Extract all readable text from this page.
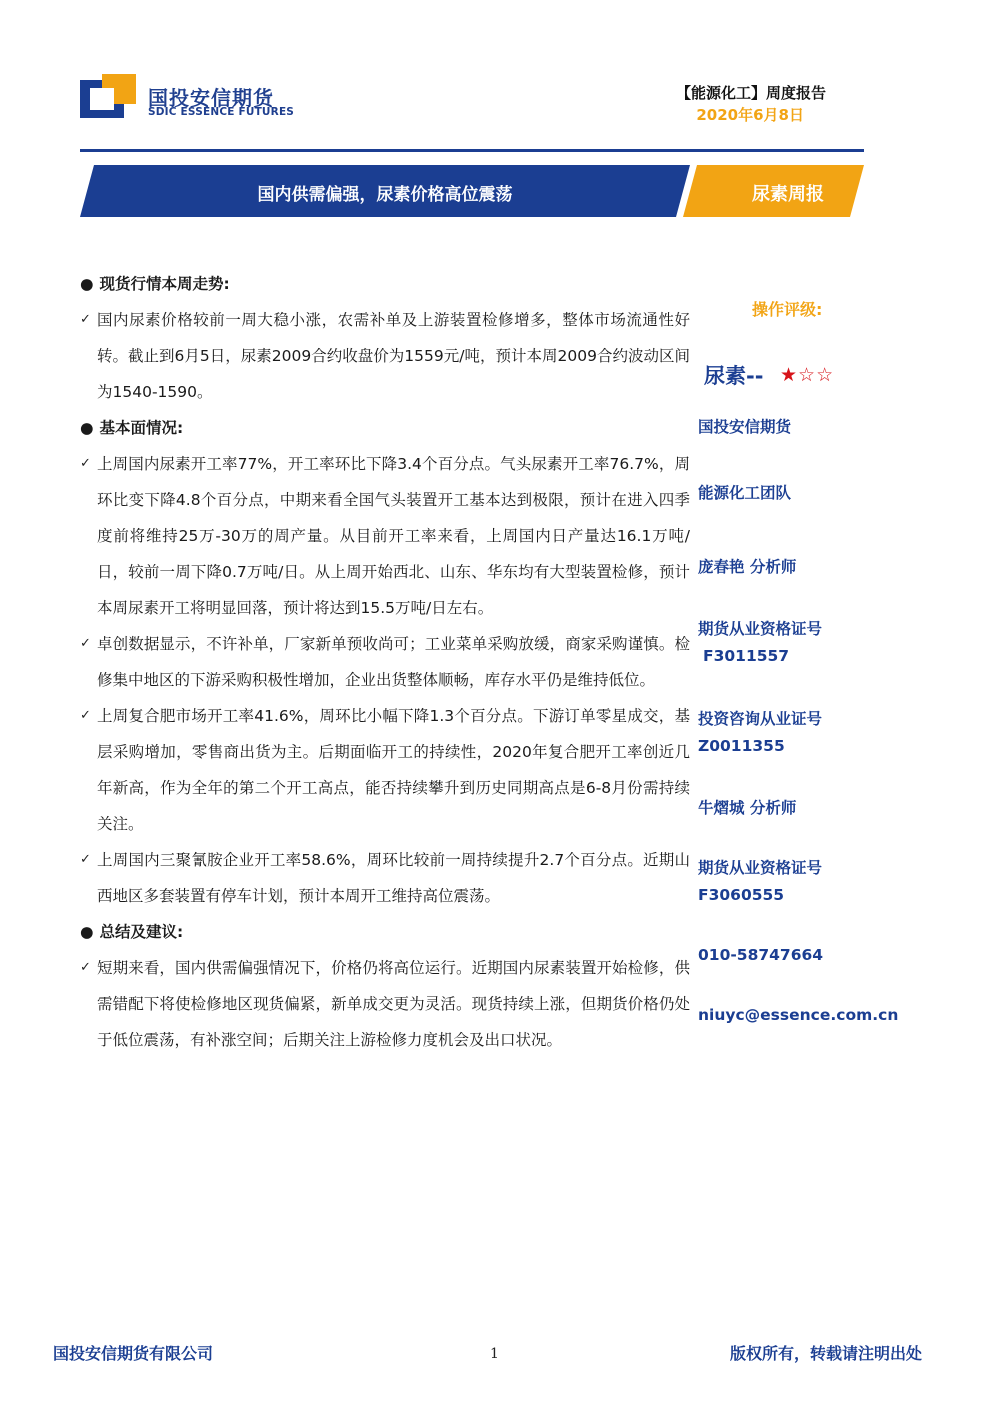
国投安信期货
SDIC ESSENCE FUTURES
【能源化工】周度报告
2020年6月8日
国内供需偏强，尿素价格高位震荡	尿素周报

● 现货行情本周走势:

✓ 国内尿素价格较前一周大稳小涨，农需补单及上游装置检修增多，整体市场流通性好转。截止到6月5日，尿素2009合约收盘价为1559元/吨，预计本周2009合约波动区间为1540-1590。

● 基本面情况:

✓ 上周国内尿素开工率77%，开工率环比下降3.4个百分点。气头尿素开工率76.7%，周环比变下降4.8个百分点，中期来看全国气头装置开工基本达到极限，预计在进入四季度前将维持25万-30万的周产量。从目前开工率来看，上周国内日产量达16.1万吨/日，较前一周下降0.7万吨/日。从上周开始西北、山东、华东均有大型装置检修，预计本周尿素开工将明显回落，预计将达到15.5万吨/日左右。

✓ 卓创数据显示，不许补单，厂家新单预收尚可；工业菜单采购放缓，商家采购谨慎。检修集中地区的下游采购积极性增加，企业出货整体顺畅，库存水平仍是维持低位。

✓ 上周复合肥市场开工率41.6%，周环比小幅下降1.3个百分点。下游订单零星成交，基层采购增加，零售商出货为主。后期面临开工的持续性，2020年复合肥开工率创近几年新高，作为全年的第二个开工高点，能否持续攀升到历史同期高点是6-8月份需持续关注。

✓ 上周国内三聚氰胺企业开工率58.6%，周环比较前一周持续提升2.7个百分点。近期山西地区多套装置有停车计划，预计本周开工维持高位震荡。

● 总结及建议:

✓ 短期来看，国内供需偏强情况下，价格仍将高位运行。近期国内尿素装置开始检修，供需错配下将使检修地区现货偏紧，新单成交更为灵活。现货持续上涨，但期货价格仍处于低位震荡，有补涨空间；后期关注上游检修力度机会及出口状况。

操作评级:
尿素-- ★☆☆
国投安信期货
能源化工团队
庞春艳 分析师
期货从业资格证号
F3011557
投资咨询从业证号
Z0011355
牛熠城 分析师
期货从业资格证号
F3060555
010-58747664
niuyc@essence.com.cn
国投安信期货有限公司	1	版权所有，转载请注明出处
